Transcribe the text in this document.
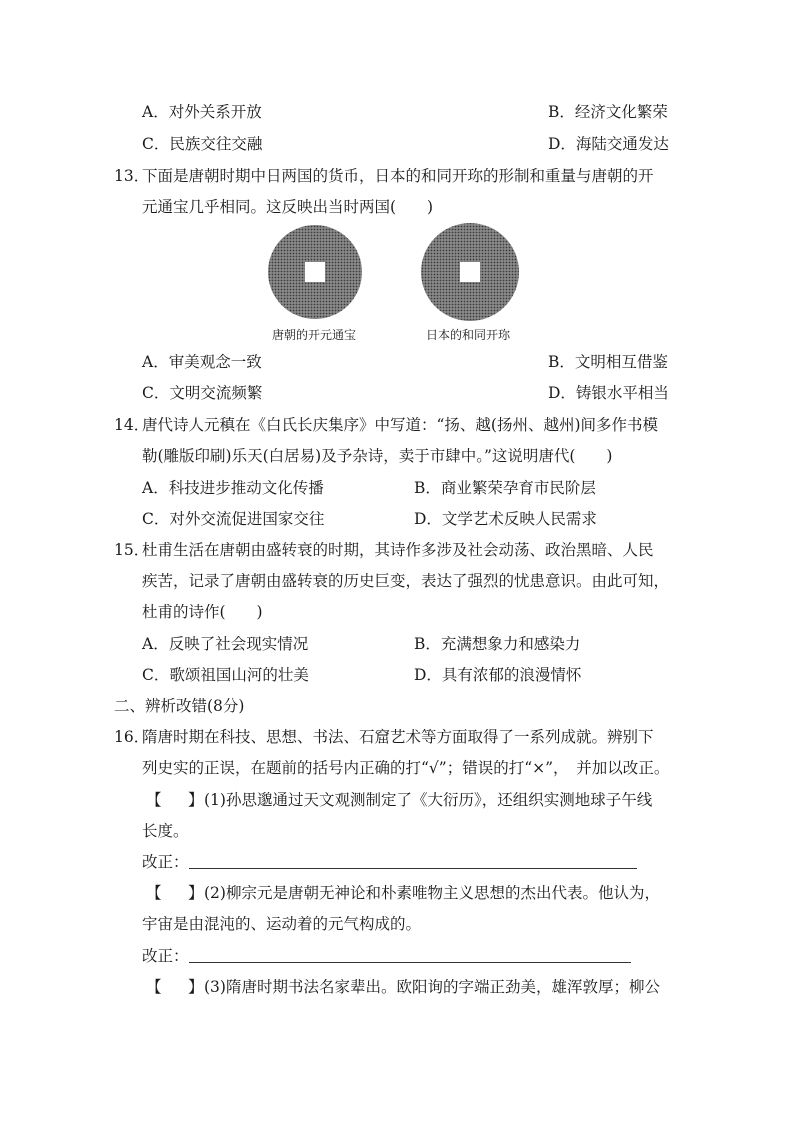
A．对外关系开放	B．经济文化繁荣
C．民族交往交融	D．海陆交通发达
13．
下面是唐朝时期中日两国的货币，日本的和同开珎的形制和重量与唐朝的开
元通宝几乎相同。这反映出当时两国(　　)
唐朝的开元通宝	日本的和同开珎
A．审美观念一致	B．文明相互借鉴
C．文明交流频繁	D．铸银水平相当
14．
唐代诗人元稹在《白氏长庆集序》中写道：“扬、越(扬州、越州)间多作书模
勒(雕版印刷)乐天(白居易)及予杂诗，卖于市肆中。”这说明唐代(　　)
A．科技进步推动文化传播	B．商业繁荣孕育市民阶层
C．对外交流促进国家交往	D．文学艺术反映人民需求
15．
杜甫生活在唐朝由盛转衰的时期，其诗作多涉及社会动荡、政治黑暗、人民
疾苦，记录了唐朝由盛转衰的历史巨变，表达了强烈的忧患意识。由此可知，
杜甫的诗作(　　)
A．反映了社会现实情况	B．充满想象力和感染力
C．歌颂祖国山河的壮美	D．具有浓郁的浪漫情怀
二、辨析改错(8分)
16．
隋唐时期在科技、思想、书法、石窟艺术等方面取得了一系列成就。辨别下
列史实的正误，在题前的括号内正确的打“√”；错误的打“×”，　并加以改正。
【 】 (1)孙思邈通过天文观测制定了《大衍历》，还组织实测地球子午线
长度。
改正：
【 】 (2)柳宗元是唐朝无神论和朴素唯物主义思想的杰出代表。他认为，
宇宙是由混沌的、运动着的元气构成的。
改正：
【 】 (3)隋唐时期书法名家辈出。欧阳询的字端正劲美，雄浑敦厚；柳公
